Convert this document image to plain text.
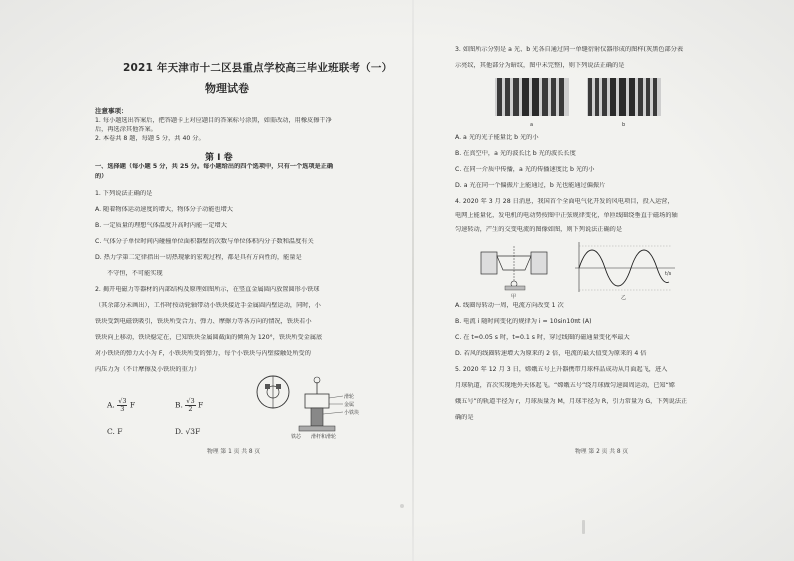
2021 年天津市十二区县重点学校高三毕业班联考（一）
物理试卷
注意事项：
1. 每小题选出答案后，把答题卡上对应题目的答案标号涂黑，如需改动，用橡皮擦干净
后，再选涂其他答案。
2. 本卷共 8 题，每题 5 分，共 40 分。
第 I 卷
一、选择题（每小题 5 分，共 25 分。每小题给出的四个选项中，只有一个选项是正确
的）
1. 下列说法正确的是
A. 随着物体运动速度的增大，物体分子动能也增大
B. 一定质量的理想气体温度升高时内能一定增大
C. 气体分子单位时间内碰撞单位面积器壁的次数与单位体积内分子数和温度有关
D. 热力学第二定律指出一切热现象的宏观过程，都是具有方向性的，能量是
不守恒，不可能实现
2. 揭开电磁力等器材的内部结构及原理如图所示，在竖直金属圆内放置圆形小铁球
（其余部分未画出），工作时按动轮轴带动小铁块接近手金属圆内壁运动，同时，小
铁块受到电磁铁吸引，铁块所受合力、弹力、摩擦力等各方向的情况，铁块若小
铁块向上移动，铁块稳定在，已知铁块金属圆截面的倾角为 120°，铁块所受金属底
对小铁块的弹力大小为 F，小铁块所受的弹力，每个小铁块与内壁接触处所受的
内压力为（不计摩擦及小铁块的重力）
A. $\frac{√3}{3}$ F	B. $\frac{√3}{2}$ F
C. F	D. √3F
滑轮
金属
小铁块
铁芯 滑杆和滑轮
物理 第 1 页 共 8 页
3. 如图所示分别是 a 光、b 光各自通过同一单缝衍射仪器形成的图样(灰黑色部分表
示亮纹，其他部分为暗纹，图中未完整)，则下列说法正确的是
a	b
A. a 光的光子能量比 b 光的小
B. 在真空中，a 光的波长比 b 光的波长长度
C. 在同一介质中传播，a 光的传播速度比 b 光的小
D. a 光在同一个偏振片上能通过，b 光也能通过偏振片
4. 2020 年 3 月 28 日消息，我国首个全面电气化开发的风电项目，投入运营，
电网上能量化，发电机的电动势按图中正弦规律变化，单匝线圈绕垂直于磁场的轴
匀速转动，产生的交变电流的图像如图，则下列说法正确的是
甲
t/s
乙
A. 线圈每转动一周，电流方向改变 1 次
B. 电流 i 随时间变化的规律为 i = 10sin10πt (A)
C. 在 t=0.05 s 时，t=0.1 s 时，穿过线圈的磁通量变化率最大
D. 若风的线圈转速增大为原来的 2 倍，电流的最大值变为原来的 4 倍
5. 2020 年 12 月 3 日，嫦娥五号上升器携带月球样品成功从月面起飞，进入
月球轨道，首次实现地外天体起飞。“嫦娥五号”绕月球做匀速圆周运动，已知“嫦
娥五号”的轨道半径为 r，月球质量为 M，月球半径为 R，引力常量为 G，下列说法正
确的是
物理 第 2 页 共 8 页
